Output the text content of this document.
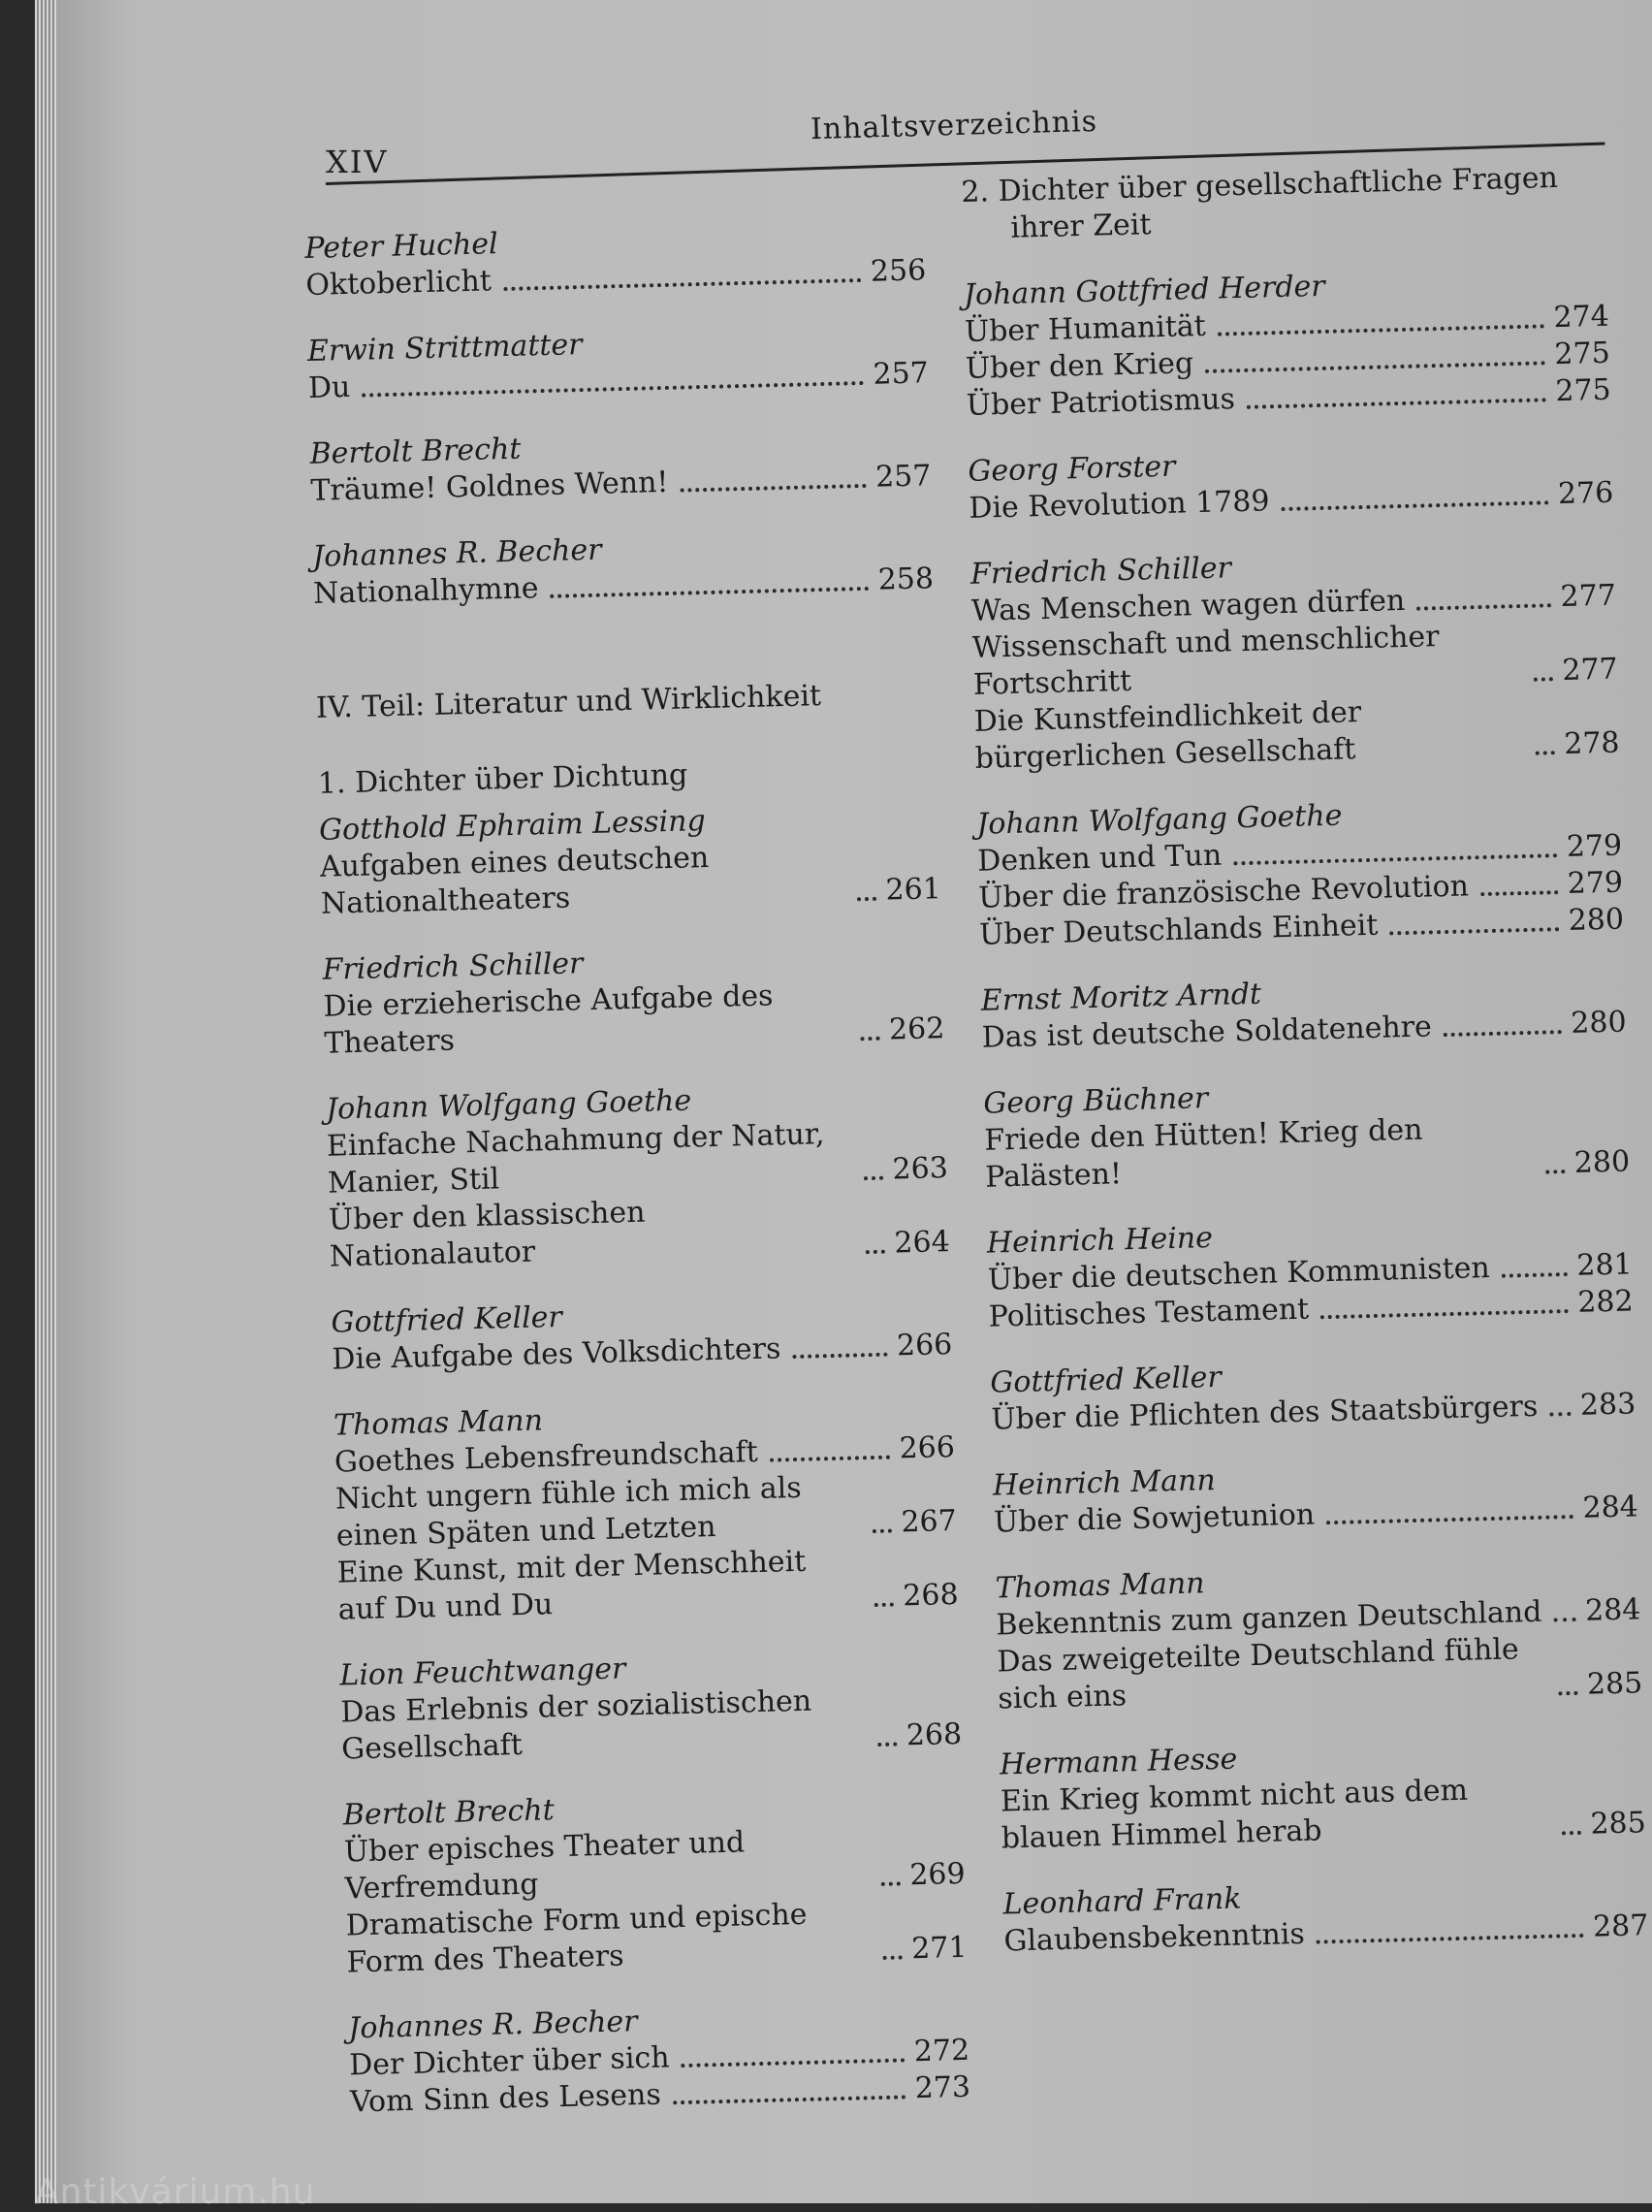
XIV
Inhaltsverzeichnis
Peter Huchel
Oktoberlicht	256
Erwin Strittmatter
Du	257
Bertolt Brecht
Träume! Goldnes Wenn!	257
Johannes R. Becher
Nationalhymne	258
IV. Teil: Literatur und Wirklichkeit
1. Dichter über Dichtung
Gotthold Ephraim Lessing
Aufgaben eines deutschen Nationaltheaters	261
Friedrich Schiller
Die erzieherische Aufgabe des Theaters	262
Johann Wolfgang Goethe
Einfache Nachahmung der Natur, Manier, Stil	263
Über den klassischen Nationalautor	264
Gottfried Keller
Die Aufgabe des Volksdichters	266
Thomas Mann
Goethes Lebensfreundschaft	266
Nicht ungern fühle ich mich als einen Späten und Letzten	267
Eine Kunst, mit der Menschheit auf Du und Du	268
Lion Feuchtwanger
Das Erlebnis der sozialistischen Gesellschaft	268
Bertolt Brecht
Über episches Theater und Verfremdung	269
Dramatische Form und epische Form des Theaters	271
Johannes R. Becher
Der Dichter über sich	272
Vom Sinn des Lesens	273
2. Dichter über gesellschaftliche Fragen ihrer Zeit
Johann Gottfried Herder
Über Humanität	274
Über den Krieg	275
Über Patriotismus	275
Georg Forster
Die Revolution 1789	276
Friedrich Schiller
Was Menschen wagen dürfen	277
Wissenschaft und menschlicher Fortschritt	277
Die Kunstfeindlichkeit der bürgerlichen Gesellschaft	278
Johann Wolfgang Goethe
Denken und Tun	279
Über die französische Revolution	279
Über Deutschlands Einheit	280
Ernst Moritz Arndt
Das ist deutsche Soldatenehre	280
Georg Büchner
Friede den Hütten! Krieg den Palästen!	280
Heinrich Heine
Über die deutschen Kommunisten	281
Politisches Testament	282
Gottfried Keller
Über die Pflichten des Staatsbürgers 283
Heinrich Mann
Über die Sowjetunion	284
Thomas Mann
Bekenntnis zum ganzen Deutschland 284
Das zweigeteilte Deutschland fühle sich eins	285
Hermann Hesse
Ein Krieg kommt nicht aus dem blauen Himmel herab	285
Leonhard Frank
Glaubensbekenntnis	287
Antikvárium.hu
